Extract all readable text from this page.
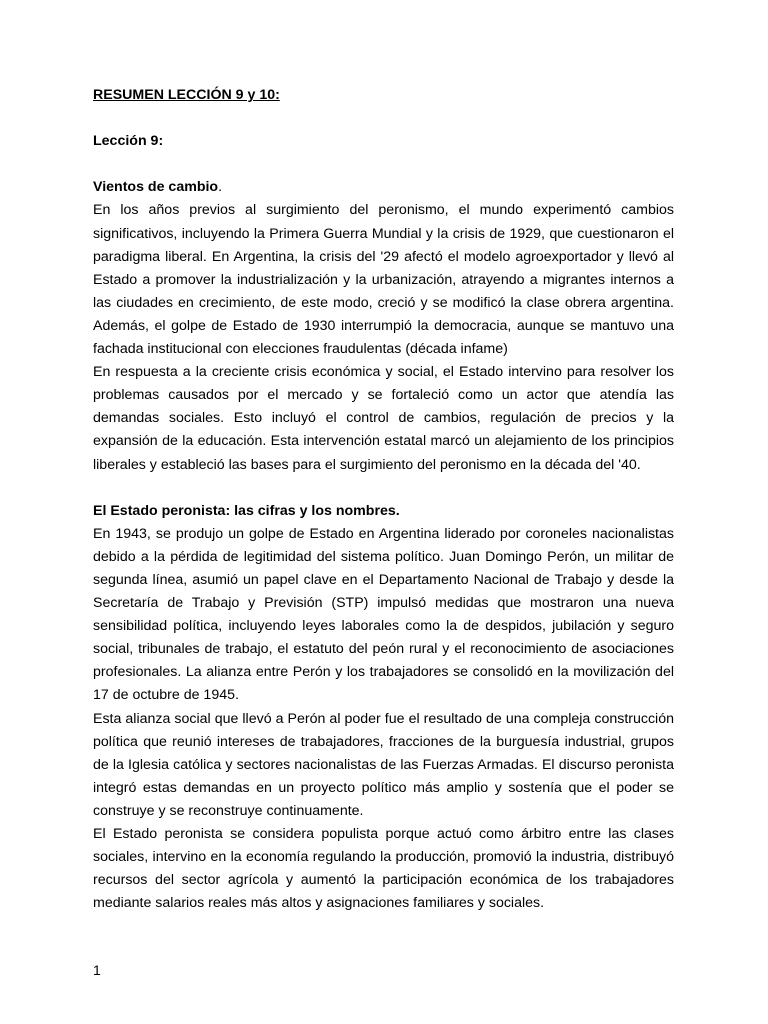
RESUMEN LECCIÓN 9 y 10:

Lección 9:

Vientos de cambio.

En los años previos al surgimiento del peronismo, el mundo experimentó cambios significativos, incluyendo la Primera Guerra Mundial y la crisis de 1929, que cuestionaron el paradigma liberal. En Argentina, la crisis del '29 afectó el modelo agroexportador y llevó al Estado a promover la industrialización y la urbanización, atrayendo a migrantes internos a las ciudades en crecimiento, de este modo, creció y se modificó la clase obrera argentina. Además, el golpe de Estado de 1930 interrumpió la democracia, aunque se mantuvo una fachada institucional con elecciones fraudulentas (década infame)

En respuesta a la creciente crisis económica y social, el Estado intervino para resolver los problemas causados por el mercado y se fortaleció como un actor que atendía las demandas sociales. Esto incluyó el control de cambios, regulación de precios y la expansión de la educación. Esta intervención estatal marcó un alejamiento de los principios liberales y estableció las bases para el surgimiento del peronismo en la década del '40.

El Estado peronista: las cifras y los nombres.

En 1943, se produjo un golpe de Estado en Argentina liderado por coroneles nacionalistas debido a la pérdida de legitimidad del sistema político. Juan Domingo Perón, un militar de segunda línea, asumió un papel clave en el Departamento Nacional de Trabajo y desde la Secretaría de Trabajo y Previsión (STP) impulsó medidas que mostraron una nueva sensibilidad política, incluyendo leyes laborales como la de despidos, jubilación y seguro social, tribunales de trabajo, el estatuto del peón rural y el reconocimiento de asociaciones profesionales. La alianza entre Perón y los trabajadores se consolidó en la movilización del 17 de octubre de 1945.

Esta alianza social que llevó a Perón al poder fue el resultado de una compleja construcción política que reunió intereses de trabajadores, fracciones de la burguesía industrial, grupos de la Iglesia católica y sectores nacionalistas de las Fuerzas Armadas. El discurso peronista integró estas demandas en un proyecto político más amplio y sostenía que el poder se construye y se reconstruye continuamente.

El Estado peronista se considera populista porque actuó como árbitro entre las clases sociales, intervino en la economía regulando la producción, promovió la industria, distribuyó recursos del sector agrícola y aumentó la participación económica de los trabajadores mediante salarios reales más altos y asignaciones familiares y sociales.

1
